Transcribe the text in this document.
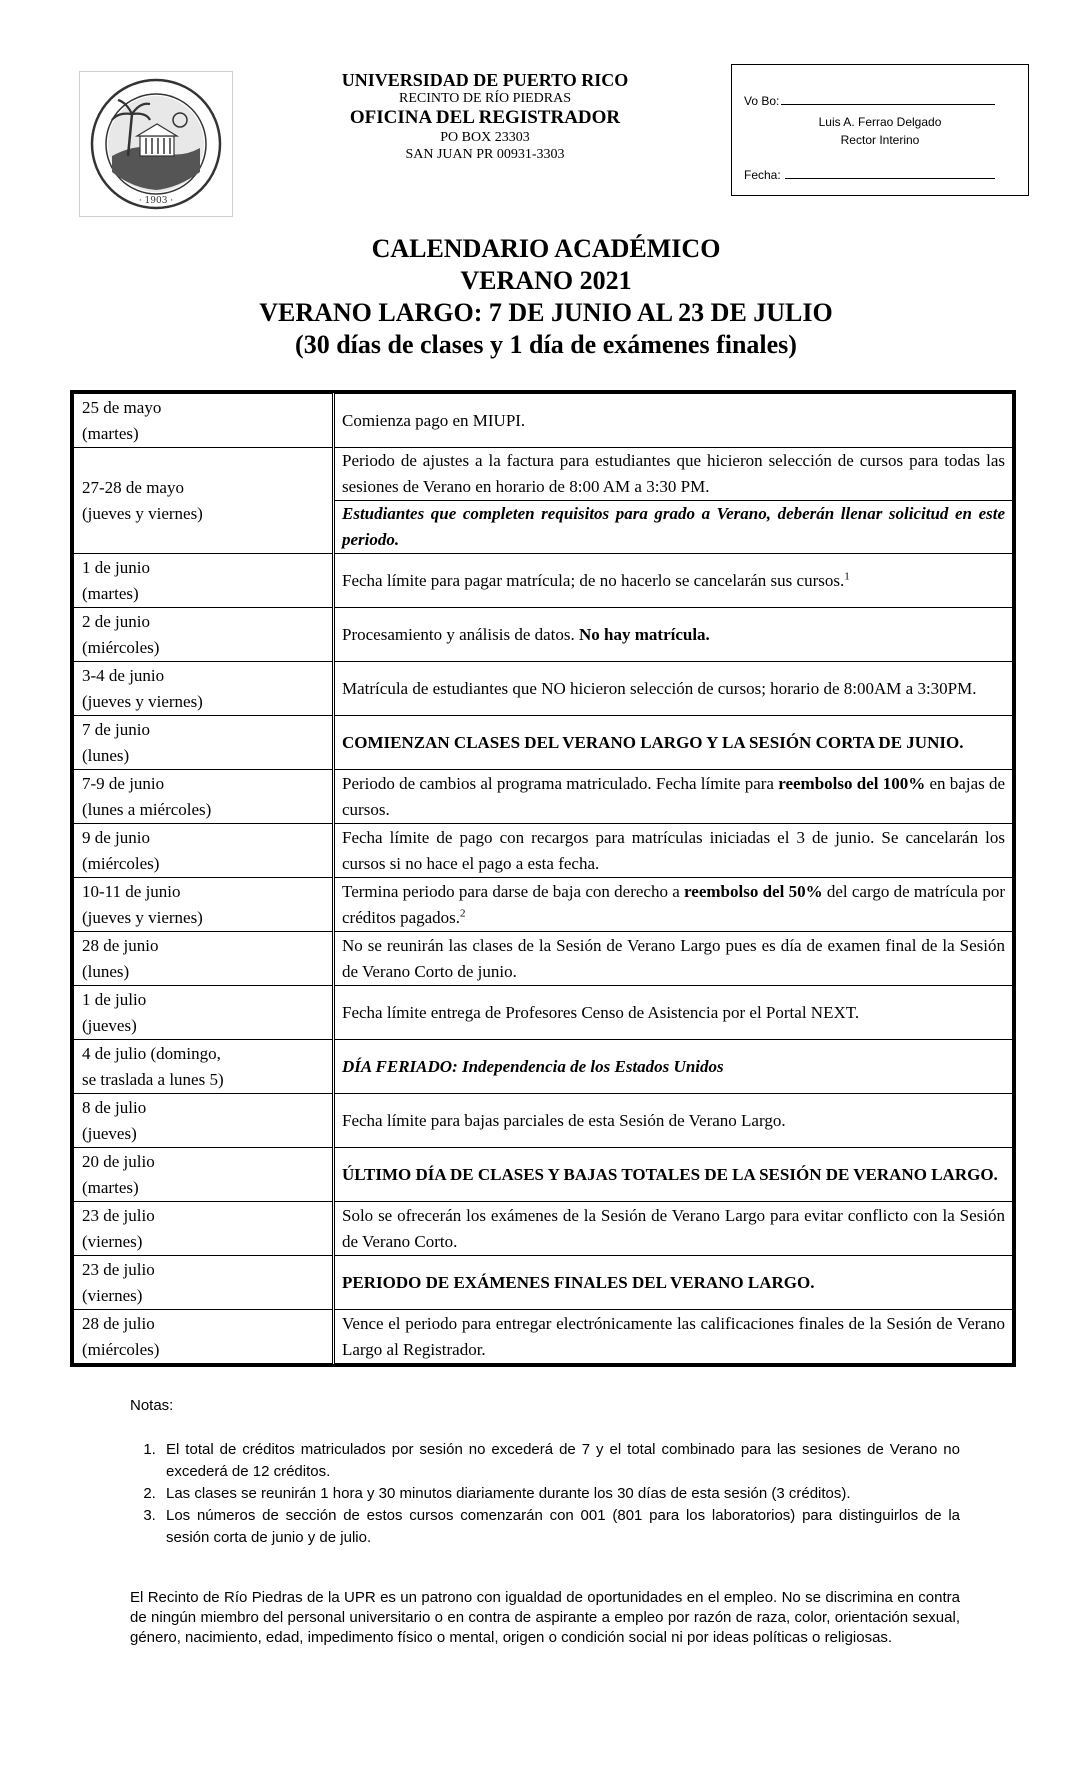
· 1903 ·
UNIVERSIDAD DE PUERTO RICO
RECINTO DE RÍO PIEDRAS
OFICINA DEL REGISTRADOR
PO BOX 23303
SAN JUAN PR 00931-3303
Vo Bo:
Luis A. Ferrao Delgado
Rector Interino
Fecha:
CALENDARIO ACADÉMICO
VERANO 2021
VERANO LARGO: 7 DE JUNIO AL 23 DE JULIO
(30 días de clases y 1 día de exámenes finales)
25 de mayo
(martes)	Comienza pago en MIUPI.

27-28 de mayo
(jueves y viernes)	Periodo de ajustes a la factura para estudiantes que hicieron selección de cursos para todas las sesiones de Verano en horario de 8:00 AM a 3:30 PM.
	Estudiantes que completen requisitos para grado a Verano, deberán llenar solicitud en este periodo.

1 de junio
(martes)	Fecha límite para pagar matrícula; de no hacerlo se cancelarán sus cursos.$^1$

2 de junio
(miércoles)	Procesamiento y análisis de datos. No hay matrícula.

3-4 de junio
(jueves y viernes)	Matrícula de estudiantes que NO hicieron selección de cursos; horario de 8:00AM a 3:30PM.

7 de junio
(lunes)	COMIENZAN CLASES DEL VERANO LARGO Y LA SESIÓN CORTA DE JUNIO.

7-9 de junio
(lunes a miércoles)	Periodo de cambios al programa matriculado. Fecha límite para reembolso del 100% en bajas de cursos.

9 de junio
(miércoles)	Fecha límite de pago con recargos para matrículas iniciadas el 3 de junio. Se cancelarán los cursos si no hace el pago a esta fecha.

10-11 de junio
(jueves y viernes)	Termina periodo para darse de baja con derecho a reembolso del 50% del cargo de matrícula por créditos pagados.$^2$

28 de junio
(lunes)	No se reunirán las clases de la Sesión de Verano Largo pues es día de examen final de la Sesión de Verano Corto de junio.

1 de julio
(jueves)	Fecha límite entrega de Profesores Censo de Asistencia por el Portal NEXT.

4 de julio (domingo,
se traslada a lunes 5)	DÍA FERIADO: Independencia de los Estados Unidos

8 de julio
(jueves)	Fecha límite para bajas parciales de esta Sesión de Verano Largo.

20 de julio
(martes)	ÚLTIMO DÍA DE CLASES Y BAJAS TOTALES DE LA SESIÓN DE VERANO LARGO.

23 de julio
(viernes)	Solo se ofrecerán los exámenes de la Sesión de Verano Largo para evitar conflicto con la Sesión de Verano Corto.

23 de julio
(viernes)	PERIODO DE EXÁMENES FINALES DEL VERANO LARGO.

28 de julio
(miércoles)	Vence el periodo para entregar electrónicamente las calificaciones finales de la Sesión de Verano Largo al Registrador.
Notas:
1. El total de créditos matriculados por sesión no excederá de 7 y el total combinado para las sesiones de Verano no excederá de 12 créditos.
2. Las clases se reunirán 1 hora y 30 minutos diariamente durante los 30 días de esta sesión (3 créditos).
3. Los números de sección de estos cursos comenzarán con 001 (801 para los laboratorios) para distinguirlos de la sesión corta de junio y de julio.
El Recinto de Río Piedras de la UPR es un patrono con igualdad de oportunidades en el empleo. No se discrimina en contra de ningún miembro del personal universitario o en contra de aspirante a empleo por razón de raza, color, orientación sexual, género, nacimiento, edad, impedimento físico o mental, origen o condición social ni por ideas políticas o religiosas.
